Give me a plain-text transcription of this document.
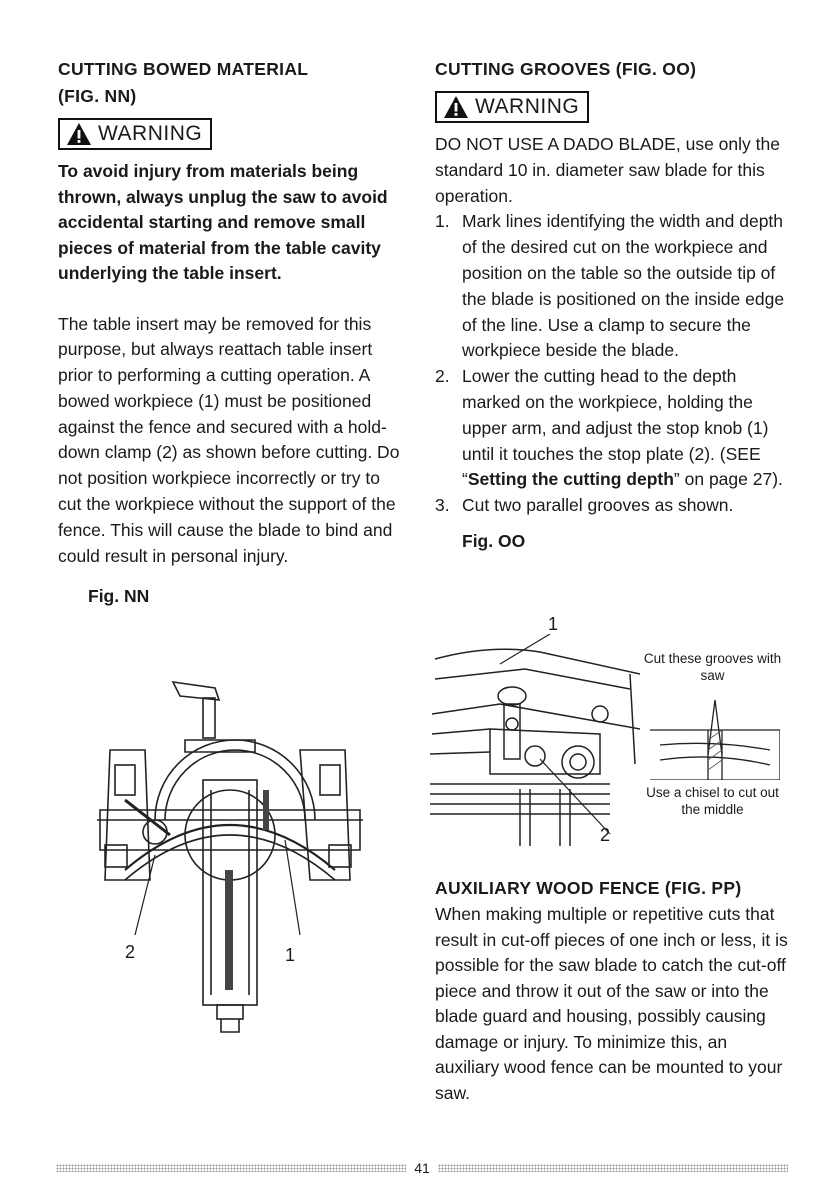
CUTTING BOWED MATERIAL
(FIG. NN)
WARNING

To avoid injury from materials being thrown, always unplug the saw to avoid accidental starting and remove small pieces of material from the table cavity underlying the table insert.

The table insert may be removed for this purpose, but always reattach table insert prior to performing a cutting operation. A bowed workpiece (1) must be positioned against the fence and secured with a hold-down clamp (2) as shown before cutting. Do not position workpiece incorrectly or try to cut the workpiece without the support of the fence. This will cause the blade to bind and could result in personal injury.

Fig. NN
2	1
CUTTING GROOVES (FIG. OO)
WARNING

DO NOT USE A DADO BLADE, use only the standard 10 in. diameter saw blade for this operation.

1. Mark lines identifying the width and depth of the desired cut on the workpiece and position on the table so the outside tip of the blade is positioned on the inside edge of the line. Use a clamp to secure the workpiece beside the blade.
2. Lower the cutting head to the depth marked on the workpiece, holding the upper arm, and adjust the stop knob (1) until it touches the stop plate (2). (SEE “Setting the cutting depth” on page 27).
3. Cut two parallel grooves as shown.
Fig. OO
1
2
Cut these grooves with saw
Use a chisel to cut out the middle
AUXILIARY WOOD FENCE (FIG. PP)

When making multiple or repetitive cuts that result in cut-off pieces of one inch or less, it is possible for the saw blade to catch the cut-off piece and throw it out of the saw or into the blade guard and housing, possibly causing damage or injury. To minimize this, an auxiliary wood fence can be mounted to your saw.

41
